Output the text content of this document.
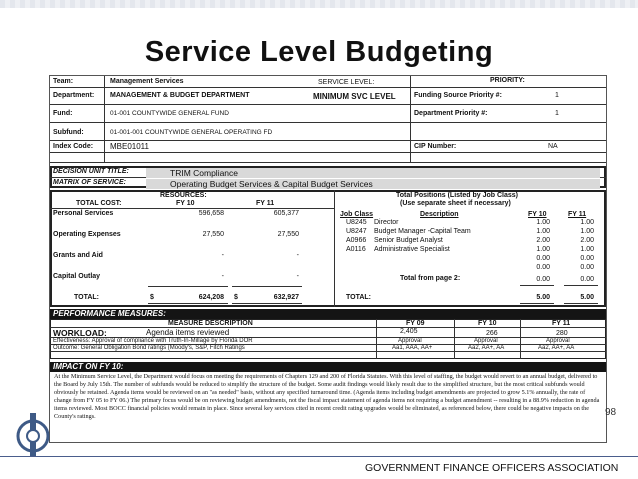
Service Level Budgeting
Team:	Management Services	SERVICE LEVEL:	PRIORITY:
Department: MANAGEMENT & BUDGET DEPARTMENT	MINIMUM SVC LEVEL	Funding Source Priority #:	1
Fund:	01-001 COUNTYWIDE GENERAL FUND	Department Priority #:	1
Subfund:	01-001-001 COUNTYWIDE GENERAL OPERATING FD
Index Code: MBE01011	CIP Number:	NA
DECISION UNIT TITLE:	TRIM Compliance
MATRIX OF SERVICE:	Operating Budget Services & Capital Budget Services
RESOURCES:
TOTAL COST:	FY 10	FY 11
Personal Services	596,658	605,377
Operating Expenses	27,550	27,550
Grants and Aid	-	-
Capital Outlay	-	-
TOTAL:	$	624,208 $	632,927
Total Positions (Listed by Job Class)
(Use separate sheet if necessary)
Job Class	Description	FY 10	FY 11
U8245 Director	1.00	1.00
U8247 Budget Manager -Capital Team	1.00	1.00
A0966 Senior Budget Analyst	2.00	2.00
A0116 Administrative Specialist	1.00	1.00
0.00	0.00
0.00	0.00
Total from page 2:	0.00	0.00
TOTAL:	5.00	5.00
PERFORMANCE MEASURES:
MEASURE DESCRIPTION	FY 09	FY 10	FY 11
WORKLOAD:	Agenda items reviewed	2,405	266	280
Effectiveness: Approval of compliance with Truth-In-Millage by Florida DOR	Approval	Approval	Approval
Outcome: General Obligation Bond ratings (Moody's, S&P, Fitch Ratings	Aa1, AAA, AA+	Aa2, AA+, AA	Aa2, AA+, AA
IMPACT ON FY 10:
At the Minimum Service Level, the Department would focus on meeting the requirements of Chapters 129 and 200 of Florida Statutes. With this level of staffing, the budget would revert to an annual budget, delivered to the Board by July 15th. The number of subfunds would be reduced to simplify the structure of the budget. Some audit findings would likely result due to the simplified structure, but the most critical subfunds would obviously be retained. Agenda items would be reviewed on an "as needed" basis, without any specified turnaround time. (Agenda items including budget amendments are projected to grow 5.1% annually, the rate of change from FY 05 to FY 06.) The primary focus would be on reviewing budget amendments, not the fiscal impact statement of agenda items not requiring a budget amendment -- resulting in a 88.9% reduction in agenda items reviewed. Most BOCC financial policies would remain in place. Since several key services cited in recent credit rating upgrades would be eliminated, as referenced below, there could be negative impacts on the County's ratings.	98
GOVERNMENT FINANCE OFFICERS ASSOCIATION
